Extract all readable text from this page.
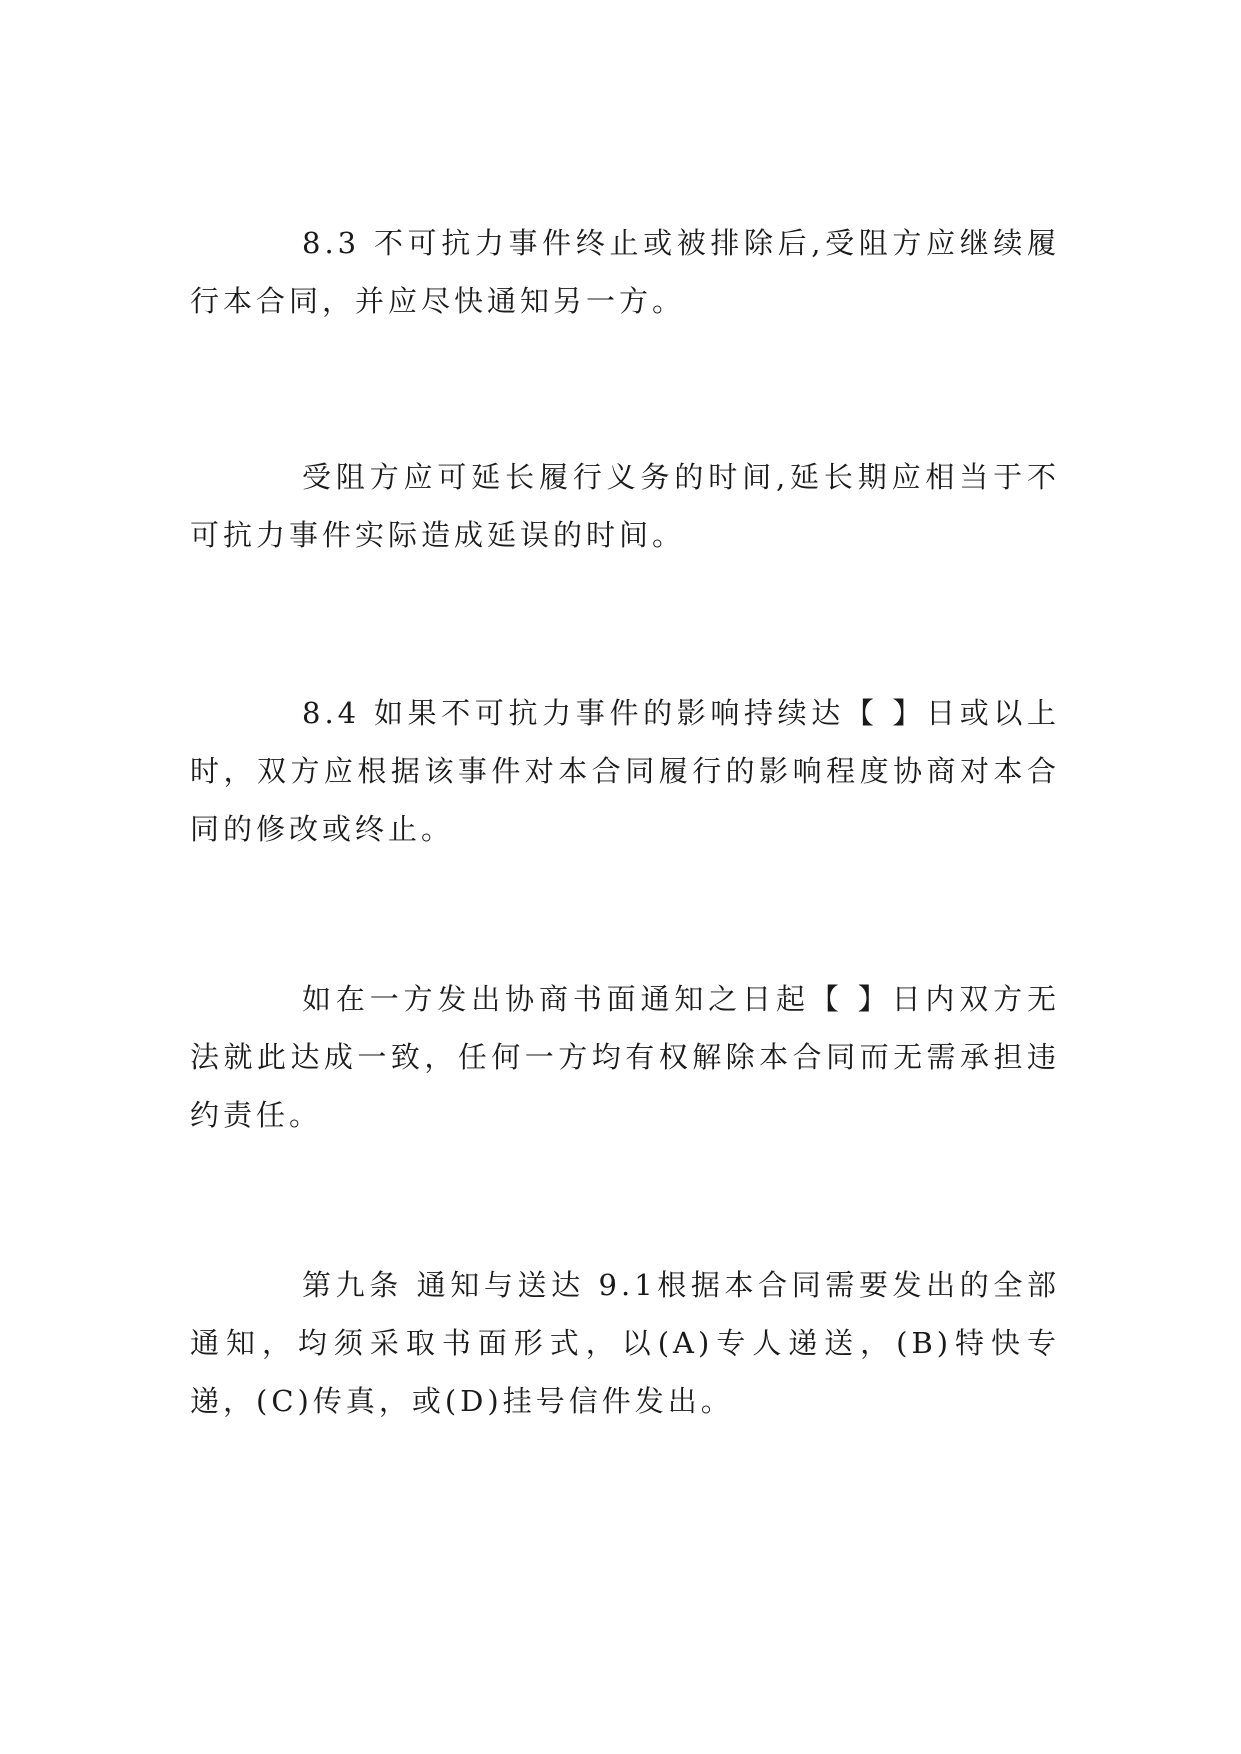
8.3 不可抗力事件终止或被排除后,受阻方应继续履行本合同，并应尽快通知另一方。

受阻方应可延长履行义务的时间,延长期应相当于不可抗力事件实际造成延误的时间。

8.4 如果不可抗力事件的影响持续达【 】日或以上时，双方应根据该事件对本合同履行的影响程度协商对本合同的修改或终止。

如在一方发出协商书面通知之日起【 】日内双方无法就此达成一致，任何一方均有权解除本合同而无需承担违约责任。

第九条 通知与送达 9.1根据本合同需要发出的全部通知，均须采取书面形式，以(A)专人递送，(B)特快专递，(C)传真，或(D)挂号信件发出。
